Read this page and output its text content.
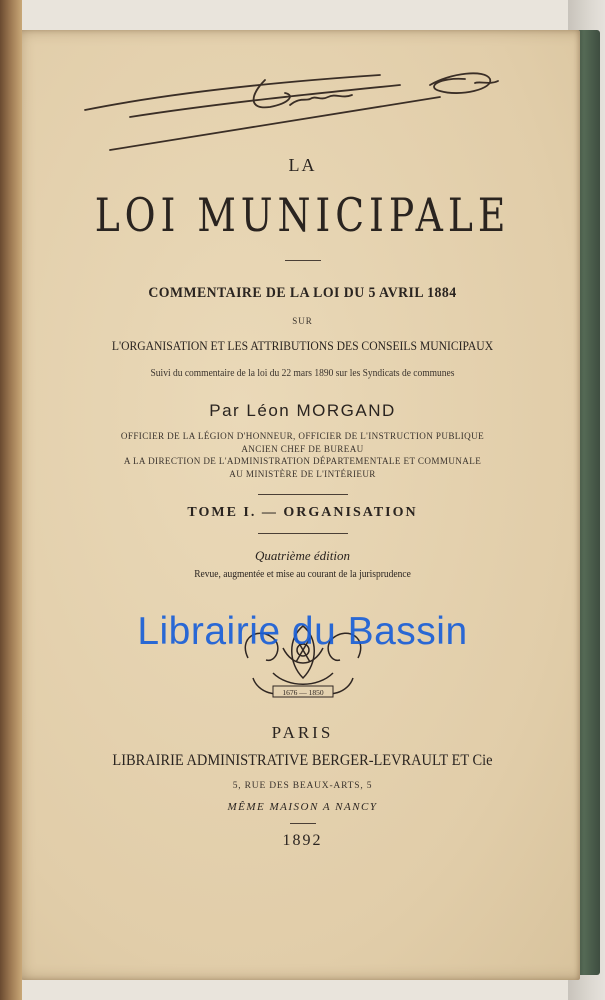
LA
LOI MUNICIPALE
COMMENTAIRE DE LA LOI DU 5 AVRIL 1884
SUR
L'ORGANISATION ET LES ATTRIBUTIONS DES CONSEILS MUNICIPAUX
Suivi du commentaire de la loi du 22 mars 1890 sur les Syndicats de communes
Par Léon MORGAND
OFFICIER DE LA LÉGION D'HONNEUR, OFFICIER DE L'INSTRUCTION PUBLIQUE
ANCIEN CHEF DE BUREAU
A LA DIRECTION DE L'ADMINISTRATION DÉPARTEMENTALE ET COMMUNALE
AU MINISTÈRE DE L'INTÉRIEUR
TOME I. — ORGANISATION
Quatrième édition
Revue, augmentée et mise au courant de la jurisprudence
1676 — 1850
Librairie du Bassin
PARIS
LIBRAIRIE ADMINISTRATIVE BERGER-LEVRAULT ET Cie
5, RUE DES BEAUX-ARTS, 5
MÊME MAISON A NANCY
1892
